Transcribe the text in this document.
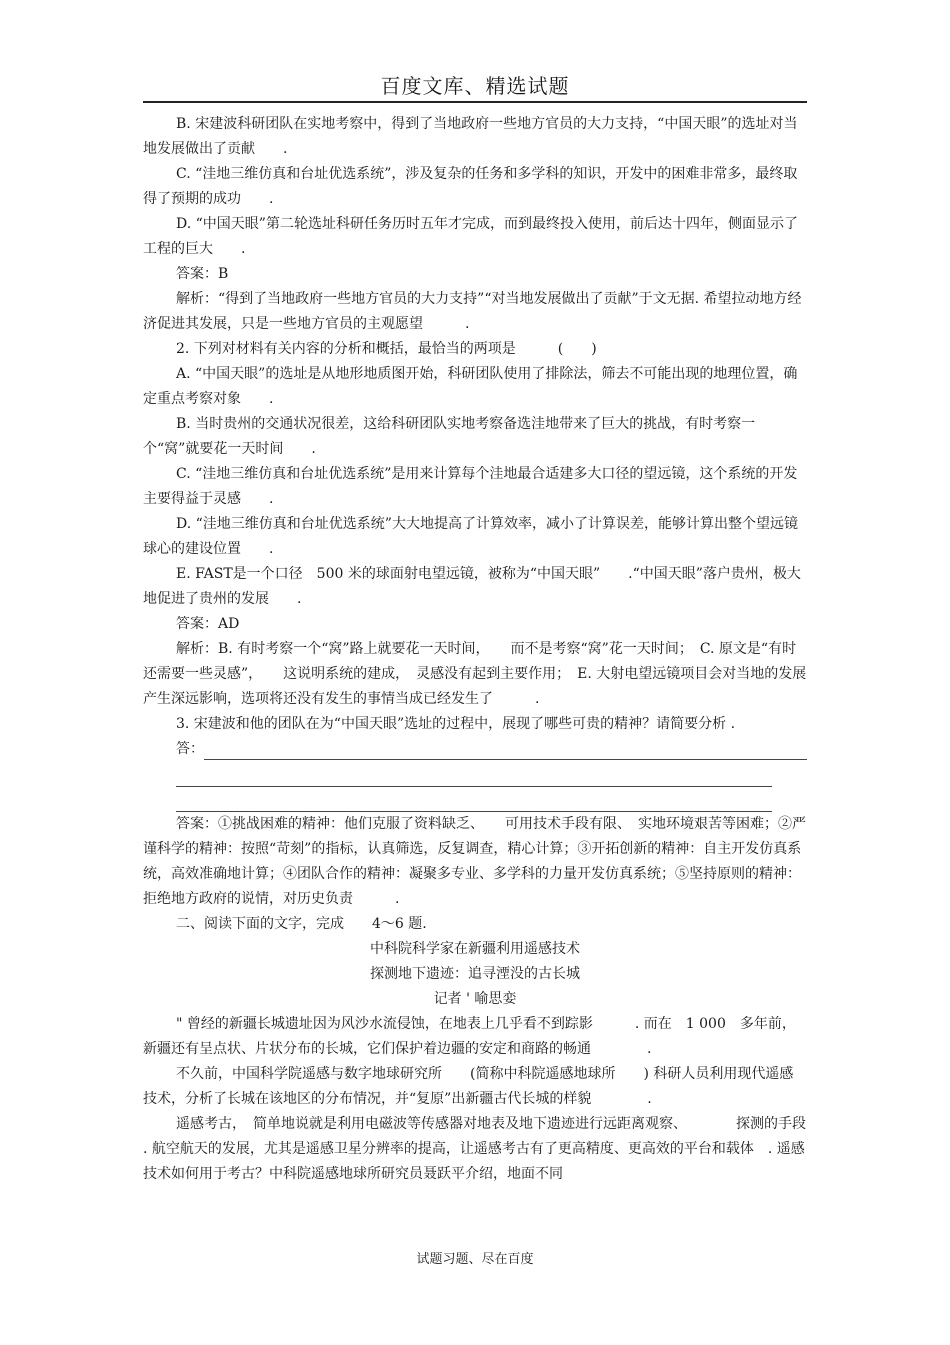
百度文库、精选试题

B. 宋建波科研团队在实地考察中，得到了当地政府一些地方官员的大力支持，“中国天眼”的选址对当地发展做出了贡献　　.

C. “洼地三维仿真和台址优选系统”，涉及复杂的任务和多学科的知识，开发中的困难非常多，最终取得了预期的成功　　.

D. “中国天眼”第二轮选址科研任务历时五年才完成，而到最终投入使用，前后达十四年，侧面显示了工程的巨大　　.

答案：B

解析：“得到了当地政府一些地方官员的大力支持”“对当地发展做出了贡献”于文无据. 希望拉动地方经济促进其发展，只是一些地方官员的主观愿望　　　.

2. 下列对材料有关内容的分析和概括，最恰当的两项是　　　(　　)

A. “中国天眼”的选址是从地形地质图开始，科研团队使用了排除法，筛去不可能出现的地理位置，确定重点考察对象　　.

B. 当时贵州的交通状况很差，这给科研团队实地考察备选洼地带来了巨大的挑战，有时考察一个“窝”就要花一天时间　　.

C. “洼地三维仿真和台址优选系统”是用来计算每个洼地最合适建多大口径的望远镜，这个系统的开发主要得益于灵感　　.

D. “洼地三维仿真和台址优选系统”大大地提高了计算效率，减小了计算误差，能够计算出整个望远镜球心的建设位置　　.

E. FAST是一个口径　500 米的球面射电望远镜，被称为“中国天眼”　　.“中国天眼”落户贵州，极大地促进了贵州的发展　　.

答案：AD

解析：B. 有时考察一个“窝”路上就要花一天时间，　　而不是考察“窝”花一天时间；　C. 原文是“有时还需要一些灵感”，　　这说明系统的建成，　灵感没有起到主要作用；　E. 大射电望远镜项目会对当地的发展产生深远影响，选项将还没有发生的事情当成已经发生了　　　.

3. 宋建波和他的团队在为“中国天眼”选址的过程中，展现了哪些可贵的精神？请简要分析 .

答：

答案：①挑战困难的精神：他们克服了资料缺乏、　　可用技术手段有限、　实地环境艰苦等困难；②严谨科学的精神：按照“苛刻”的指标，认真筛选，反复调查，精心计算；③开拓创新的精神：自主开发仿真系统，高效准确地计算；④团队合作的精神：凝聚多专业、多学科的力量开发仿真系统；⑤坚持原则的精神：拒绝地方政府的说情，对历史负责　　　.

二、阅读下面的文字，完成　　4～6 题.

中科院科学家在新疆利用遥感技术

探测地下遗迹：追寻湮没的古长城

记者 ' 喻思娈

" 曾经的新疆长城遗址因为风沙水流侵蚀，在地表上几乎看不到踪影　　　. 而在　1 000　多年前，新疆还有呈点状、片状分布的长城，它们保护着边疆的安定和商路的畅通　　　　.

不久前，中国科学院遥感与数字地球研究所　　(简称中科院遥感地球所　　) 科研人员利用现代遥感技术，分析了长城在该地区的分布情况，并“复原”出新疆古代长城的样貌　　　　.

遥感考古，　简单地说就是利用电磁波等传感器对地表及地下遗迹进行远距离观察、　　　　探测的手段 . 航空航天的发展，尤其是遥感卫星分辨率的提高，让遥感考古有了更高精度、更高效的平台和载体　. 遥感技术如何用于考古？中科院遥感地球所研究员聂跃平介绍，地面不同

试题习题、尽在百度
